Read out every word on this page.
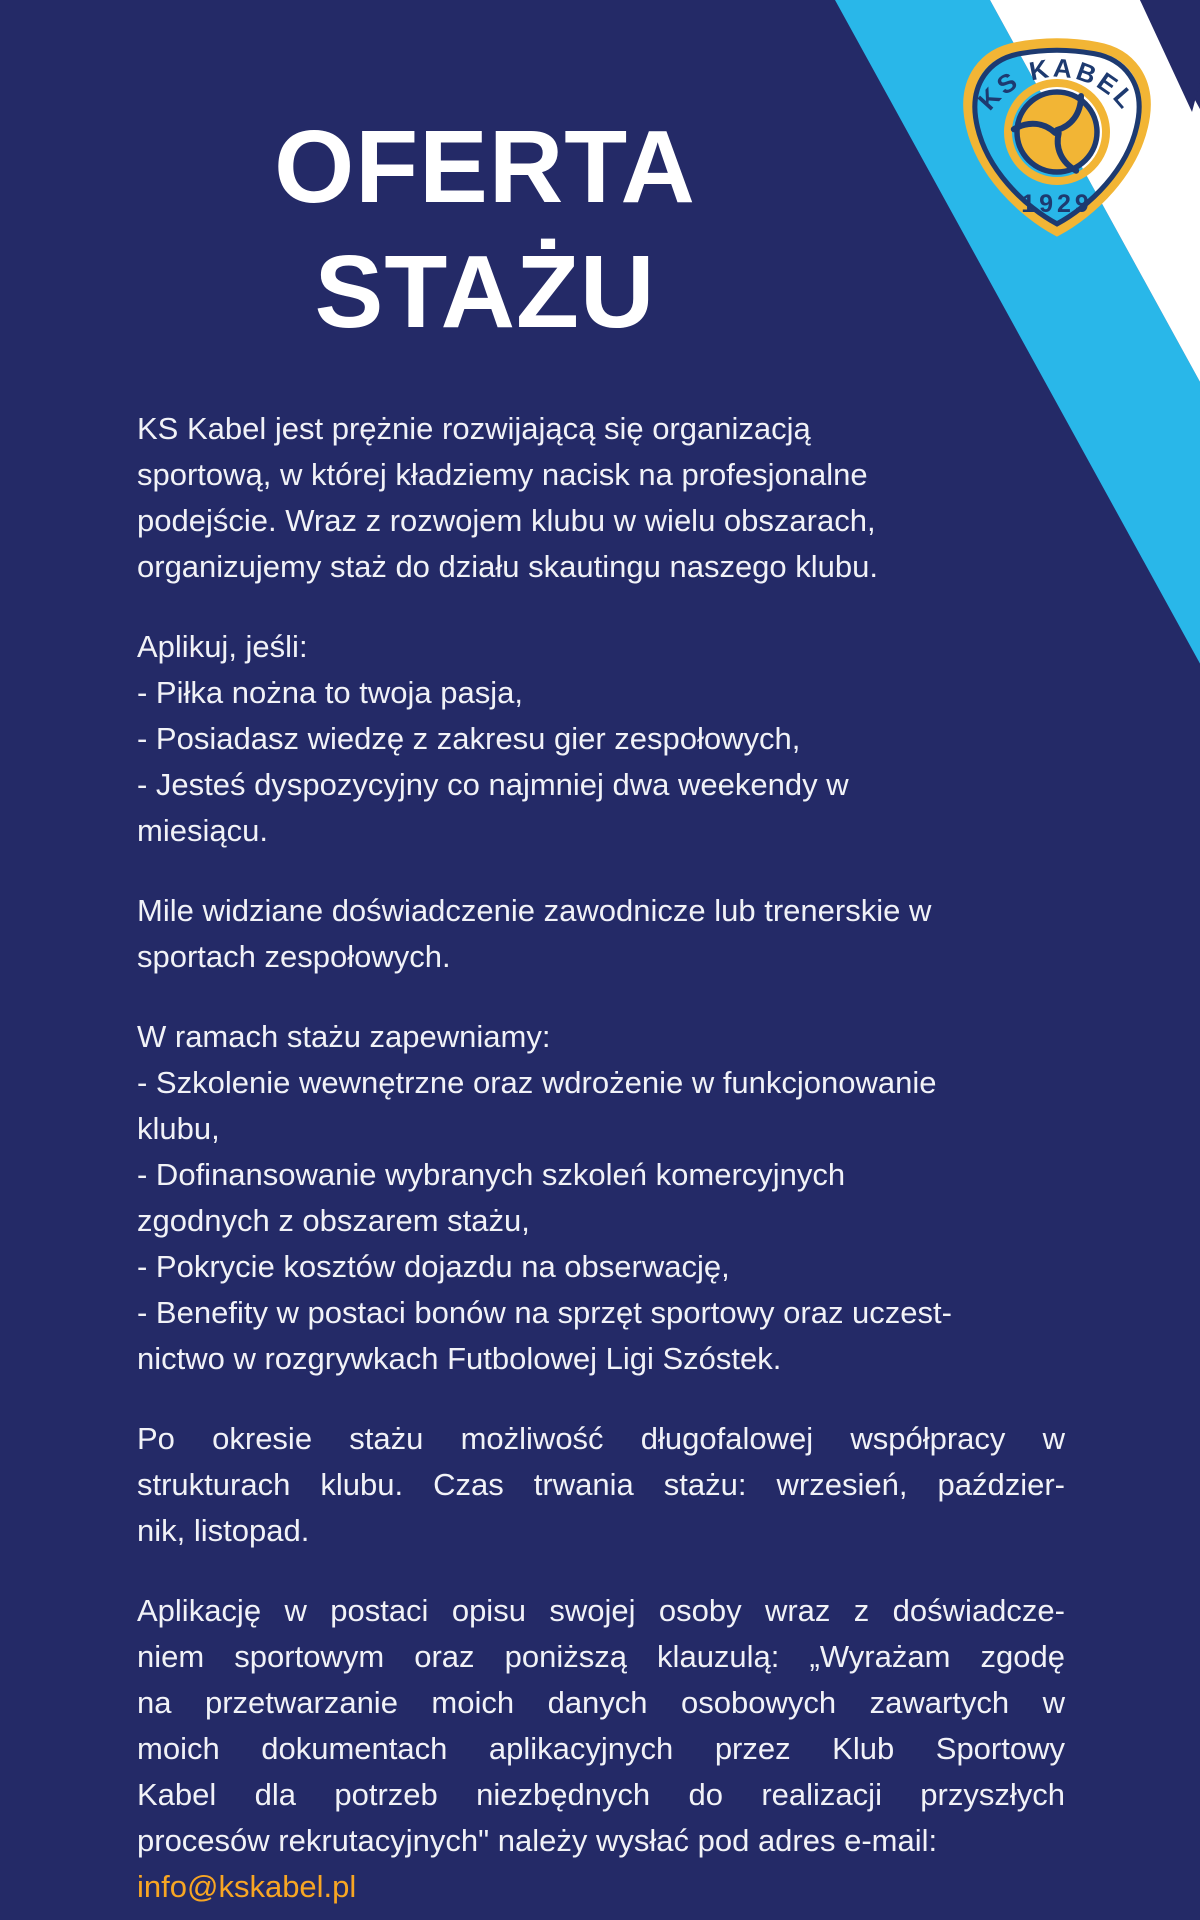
KS KABEL
1929
OFERTA
STAŻU
KS Kabel jest prężnie rozwijającą się organizacją
sportową, w której kładziemy nacisk na profesjonalne
podejście. Wraz z rozwojem klubu w wielu obszarach,
organizujemy staż do działu skautingu naszego klubu.
Aplikuj, jeśli:
- Piłka nożna to twoja pasja,
- Posiadasz wiedzę z zakresu gier zespołowych,
- Jesteś dyspozycyjny co najmniej dwa weekendy w
miesiącu.
Mile widziane doświadczenie zawodnicze lub trenerskie w
sportach zespołowych.
W ramach stażu zapewniamy:
- Szkolenie wewnętrzne oraz wdrożenie w funkcjonowanie
klubu,
- Dofinansowanie wybranych szkoleń komercyjnych
zgodnych z obszarem stażu,
- Pokrycie kosztów dojazdu na obserwację,
- Benefity w postaci bonów na sprzęt sportowy oraz uczest-
nictwo w rozgrywkach Futbolowej Ligi Szóstek.
Po okresie stażu możliwość długofalowej współpracy w
strukturach klubu. Czas trwania stażu: wrzesień, paździer-
nik, listopad.
Aplikację w postaci opisu swojej osoby wraz z doświadcze-
niem sportowym oraz poniższą klauzulą: „Wyrażam zgodę
na przetwarzanie moich danych osobowych zawartych w
moich dokumentach aplikacyjnych przez Klub Sportowy
Kabel dla potrzeb niezbędnych do realizacji przyszłych
procesów rekrutacyjnych" należy wysłać pod adres e-mail:
info@kskabel.pl
